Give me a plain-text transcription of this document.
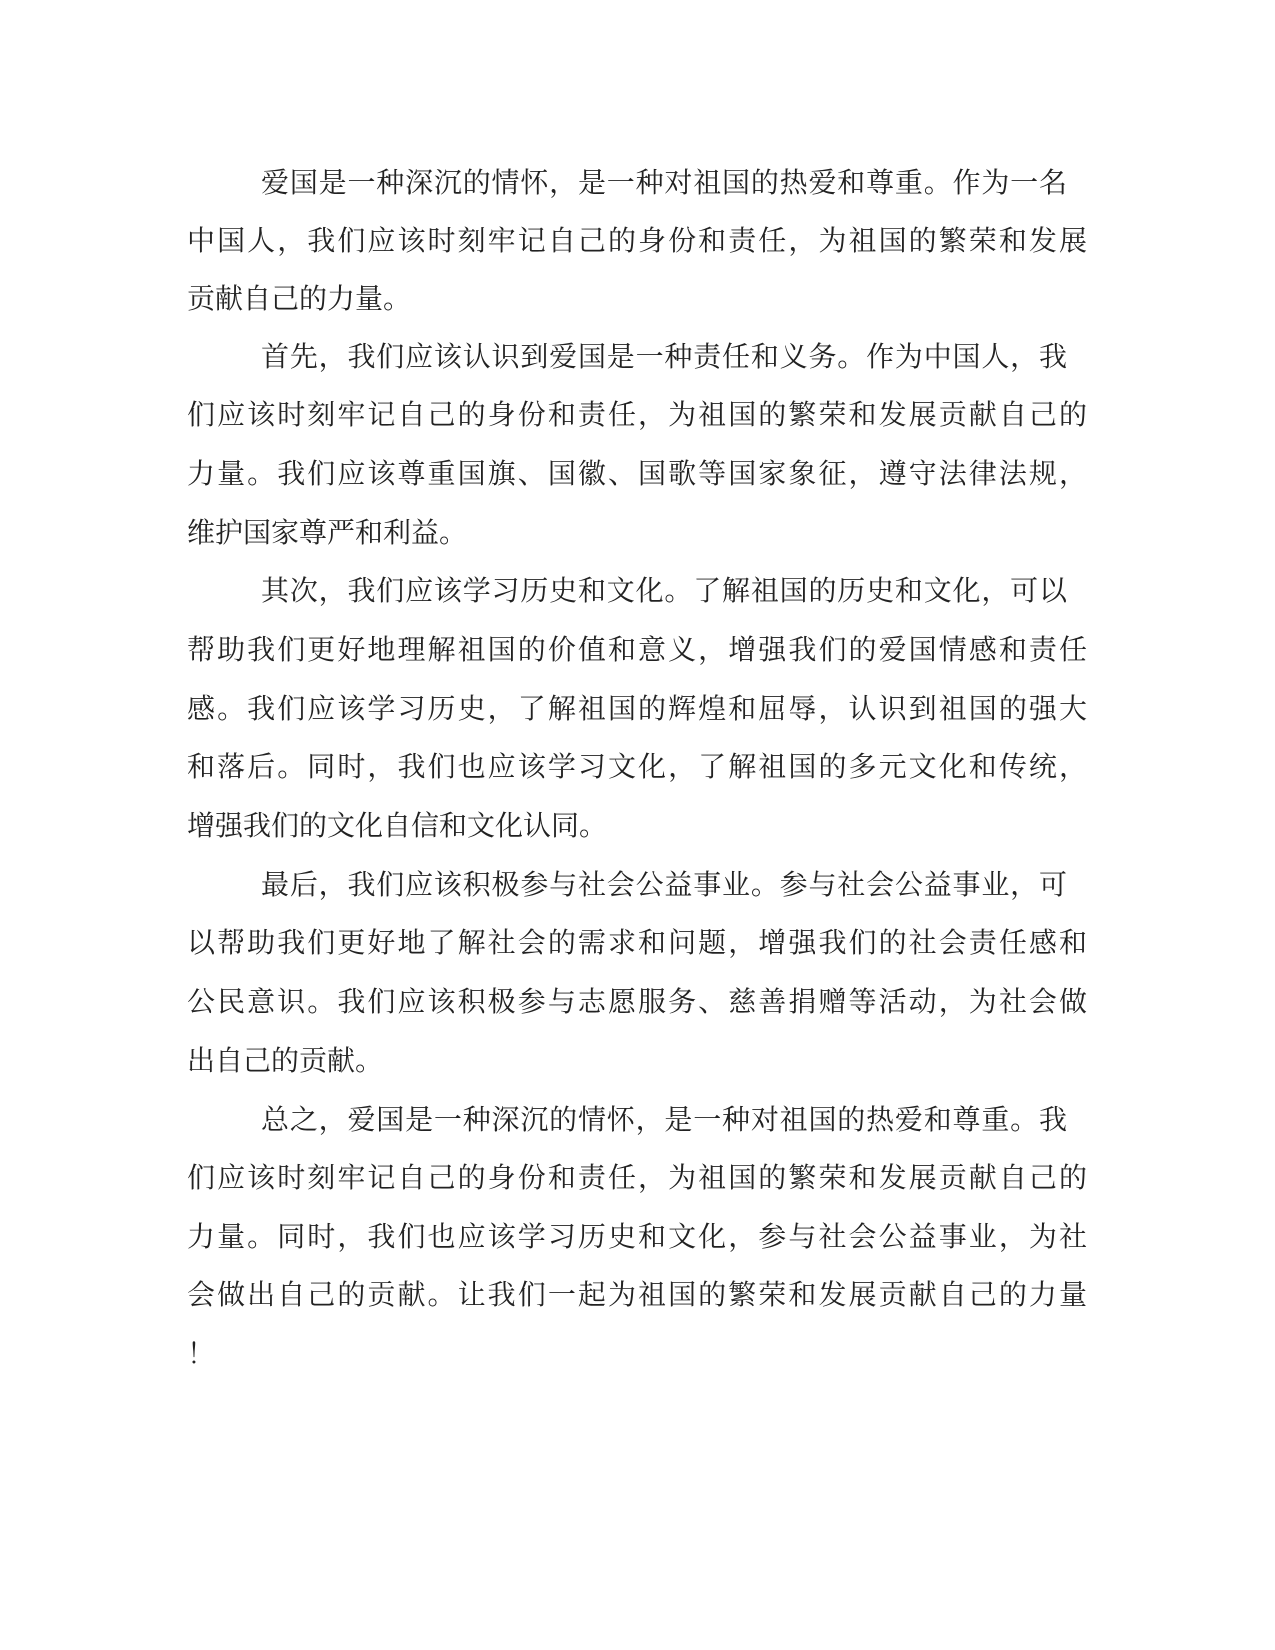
爱国是一种深沉的情怀，是一种对祖国的热爱和尊重。作为一名
中国人，我们应该时刻牢记自己的身份和责任，为祖国的繁荣和发展
贡献自己的力量。
首先，我们应该认识到爱国是一种责任和义务。作为中国人，我
们应该时刻牢记自己的身份和责任，为祖国的繁荣和发展贡献自己的
力量。我们应该尊重国旗、国徽、国歌等国家象征，遵守法律法规，
维护国家尊严和利益。
其次，我们应该学习历史和文化。了解祖国的历史和文化，可以
帮助我们更好地理解祖国的价值和意义，增强我们的爱国情感和责任
感。我们应该学习历史，了解祖国的辉煌和屈辱，认识到祖国的强大
和落后。同时，我们也应该学习文化，了解祖国的多元文化和传统，
增强我们的文化自信和文化认同。
最后，我们应该积极参与社会公益事业。参与社会公益事业，可
以帮助我们更好地了解社会的需求和问题，增强我们的社会责任感和
公民意识。我们应该积极参与志愿服务、慈善捐赠等活动，为社会做
出自己的贡献。
总之，爱国是一种深沉的情怀，是一种对祖国的热爱和尊重。我
们应该时刻牢记自己的身份和责任，为祖国的繁荣和发展贡献自己的
力量。同时，我们也应该学习历史和文化，参与社会公益事业，为社
会做出自己的贡献。让我们一起为祖国的繁荣和发展贡献自己的力量
！
